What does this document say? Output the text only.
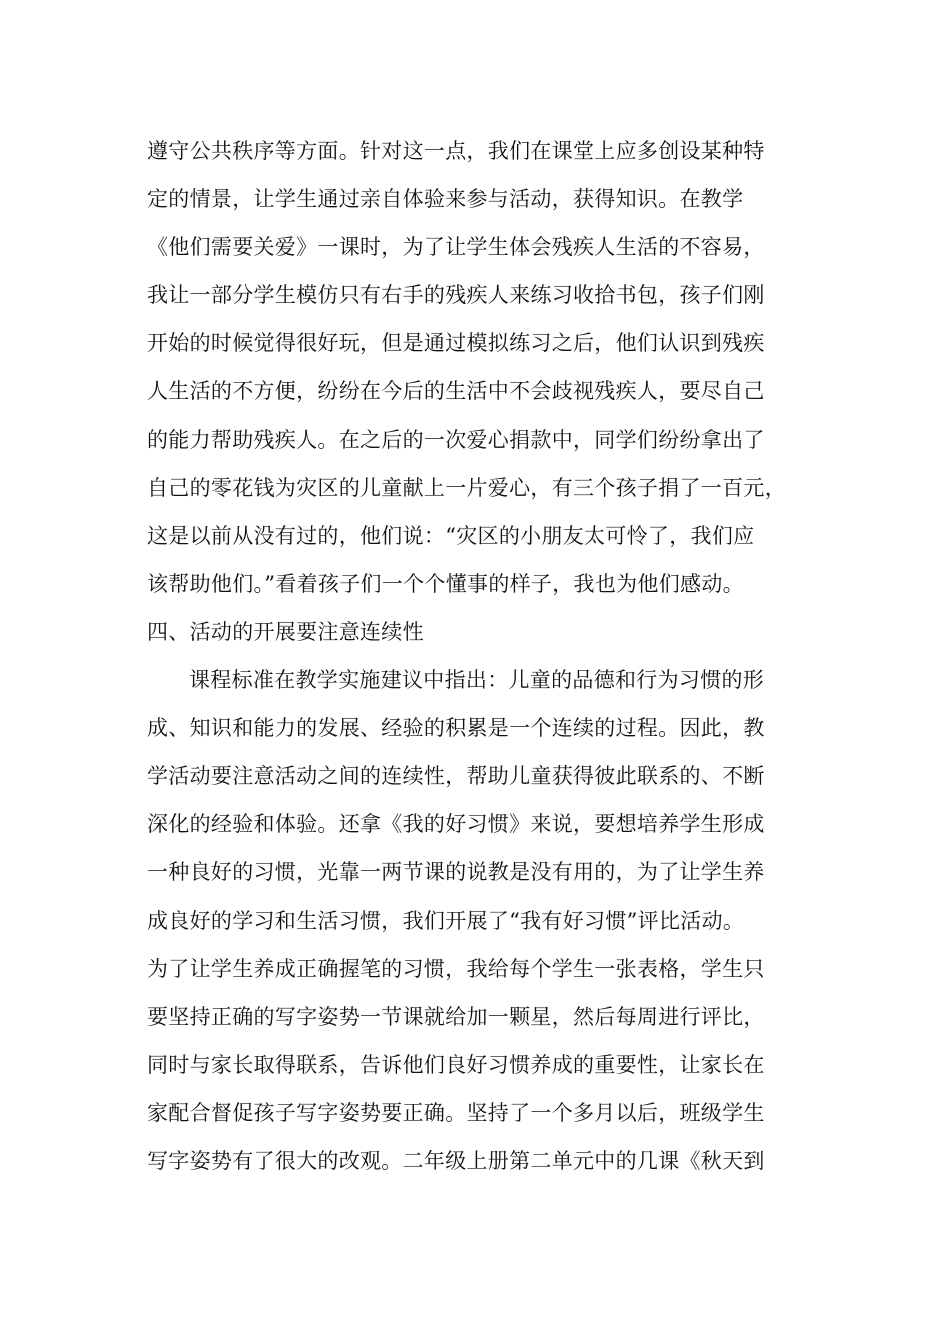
遵守公共秩序等方面。针对这一点，我们在课堂上应多创设某种特
定的情景，让学生通过亲自体验来参与活动，获得知识。在教学
《他们需要关爱》一课时，为了让学生体会残疾人生活的不容易，
我让一部分学生模仿只有右手的残疾人来练习收拾书包，孩子们刚
开始的时候觉得很好玩，但是通过模拟练习之后，他们认识到残疾
人生活的不方便，纷纷在今后的生活中不会歧视残疾人，要尽自己
的能力帮助残疾人。在之后的一次爱心捐款中，同学们纷纷拿出了
自己的零花钱为灾区的儿童献上一片爱心，有三个孩子捐了一百元，
这是以前从没有过的，他们说：“灾区的小朋友太可怜了，我们应
该帮助他们。”看着孩子们一个个懂事的样子，我也为他们感动。
四、活动的开展要注意连续性
课程标准在教学实施建议中指出：儿童的品德和行为习惯的形
成、知识和能力的发展、经验的积累是一个连续的过程。因此，教
学活动要注意活动之间的连续性，帮助儿童获得彼此联系的、不断
深化的经验和体验。还拿《我的好习惯》来说，要想培养学生形成
一种良好的习惯，光靠一两节课的说教是没有用的，为了让学生养
成良好的学习和生活习惯，我们开展了“我有好习惯”评比活动。
为了让学生养成正确握笔的习惯，我给每个学生一张表格，学生只
要坚持正确的写字姿势一节课就给加一颗星，然后每周进行评比，
同时与家长取得联系，告诉他们良好习惯养成的重要性，让家长在
家配合督促孩子写字姿势要正确。坚持了一个多月以后，班级学生
写字姿势有了很大的改观。二年级上册第二单元中的几课《秋天到
